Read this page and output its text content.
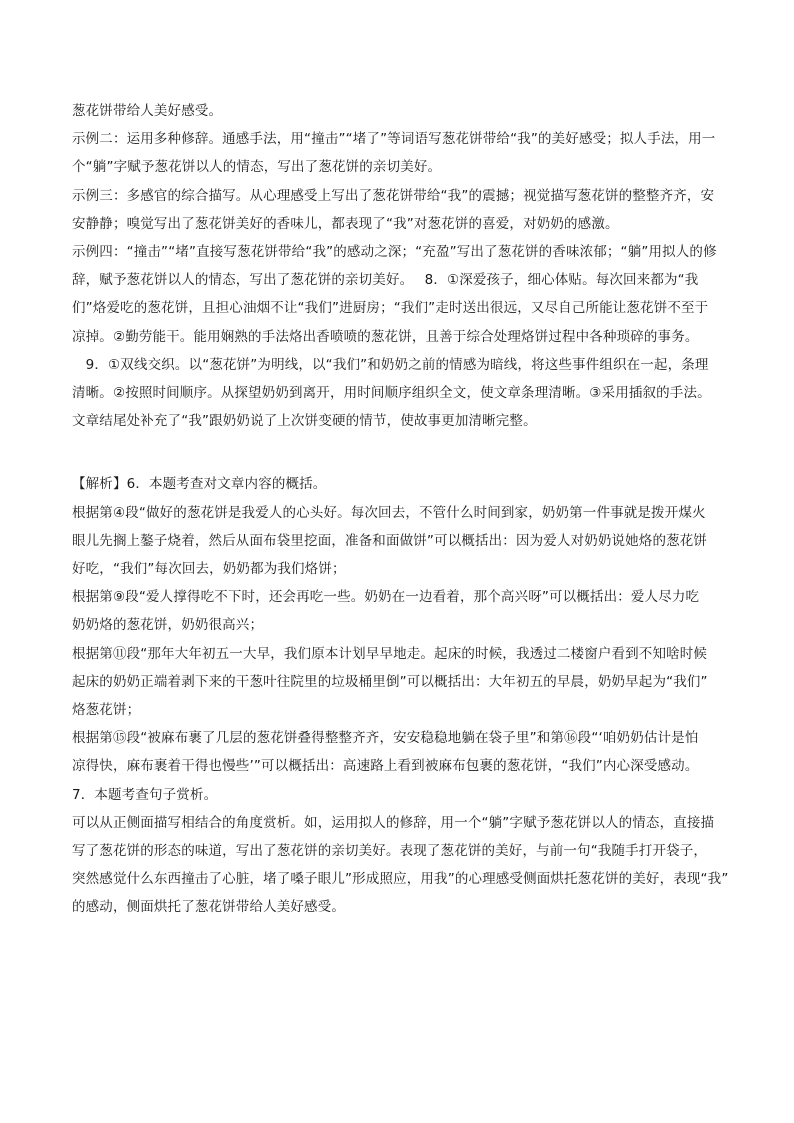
葱花饼带给人美好感受。

示例二：运用多种修辞。通感手法，用“撞击”“堵了”等词语写葱花饼带给“我”的美好感受；拟人手法，用一

个“躺”字赋予葱花饼以人的情态，写出了葱花饼的亲切美好。

示例三：多感官的综合描写。从心理感受上写出了葱花饼带给“我”的震撼；视觉描写葱花饼的整整齐齐，安

安静静；嗅觉写出了葱花饼美好的香味儿，都表现了“我”对葱花饼的喜爱，对奶奶的感激。

示例四：“撞击”“堵”直接写葱花饼带给“我”的感动之深；“充盈”写出了葱花饼的香味浓郁；“躺”用拟人的修

辞，赋予葱花饼以人的情态，写出了葱花饼的亲切美好。　 8．①深爱孩子，细心体贴。每次回来都为“我

们”烙爱吃的葱花饼，且担心油烟不让“我们”进厨房；“我们”走时送出很远，又尽自己所能让葱花饼不至于

凉掉。②勤劳能干。能用娴熟的手法烙出香喷喷的葱花饼，且善于综合处理烙饼过程中各种琐碎的事务。

　9．①双线交织。以“葱花饼”为明线，以“我们”和奶奶之前的情感为暗线，将这些事件组织在一起，条理

清晰。②按照时间顺序。从探望奶奶到离开，用时间顺序组织全文，使文章条理清晰。③采用插叙的手法。

文章结尾处补充了“我”跟奶奶说了上次饼变硬的情节，使故事更加清晰完整。

【解析】6．本题考查对文章内容的概括。

根据第④段“做好的葱花饼是我爱人的心头好。每次回去，不管什么时间到家，奶奶第一件事就是拨开煤火

眼儿先搁上鏊子烧着，然后从面布袋里挖面，准备和面做饼”可以概括出：因为爱人对奶奶说她烙的葱花饼

好吃，“我们”每次回去，奶奶都为我们烙饼；

根据第⑨段“爱人撑得吃不下时，还会再吃一些。奶奶在一边看着，那个高兴呀”可以概括出：爱人尽力吃

奶奶烙的葱花饼，奶奶很高兴；

根据第⑪段“那年大年初五一大早，我们原本计划早早地走。起床的时候，我透过二楼窗户看到不知啥时候

起床的奶奶正端着剥下来的干葱叶往院里的垃圾桶里倒”可以概括出：大年初五的早晨，奶奶早起为“我们”

烙葱花饼；

根据第⑮段“被麻布裹了几层的葱花饼叠得整整齐齐，安安稳稳地躺在袋子里”和第⑯段“‘咱奶奶估计是怕

凉得快，麻布裹着干得也慢些’”可以概括出：高速路上看到被麻布包裹的葱花饼，“我们”内心深受感动。

7．本题考查句子赏析。

可以从正侧面描写相结合的角度赏析。如，运用拟人的修辞，用一个“躺”字赋予葱花饼以人的情态，直接描

写了葱花饼的形态的味道，写出了葱花饼的亲切美好。表现了葱花饼的美好，与前一句“我随手打开袋子，

突然感觉什么东西撞击了心脏，堵了嗓子眼儿”形成照应，用我”的心理感受侧面烘托葱花饼的美好，表现“我”

的感动，侧面烘托了葱花饼带给人美好感受。
